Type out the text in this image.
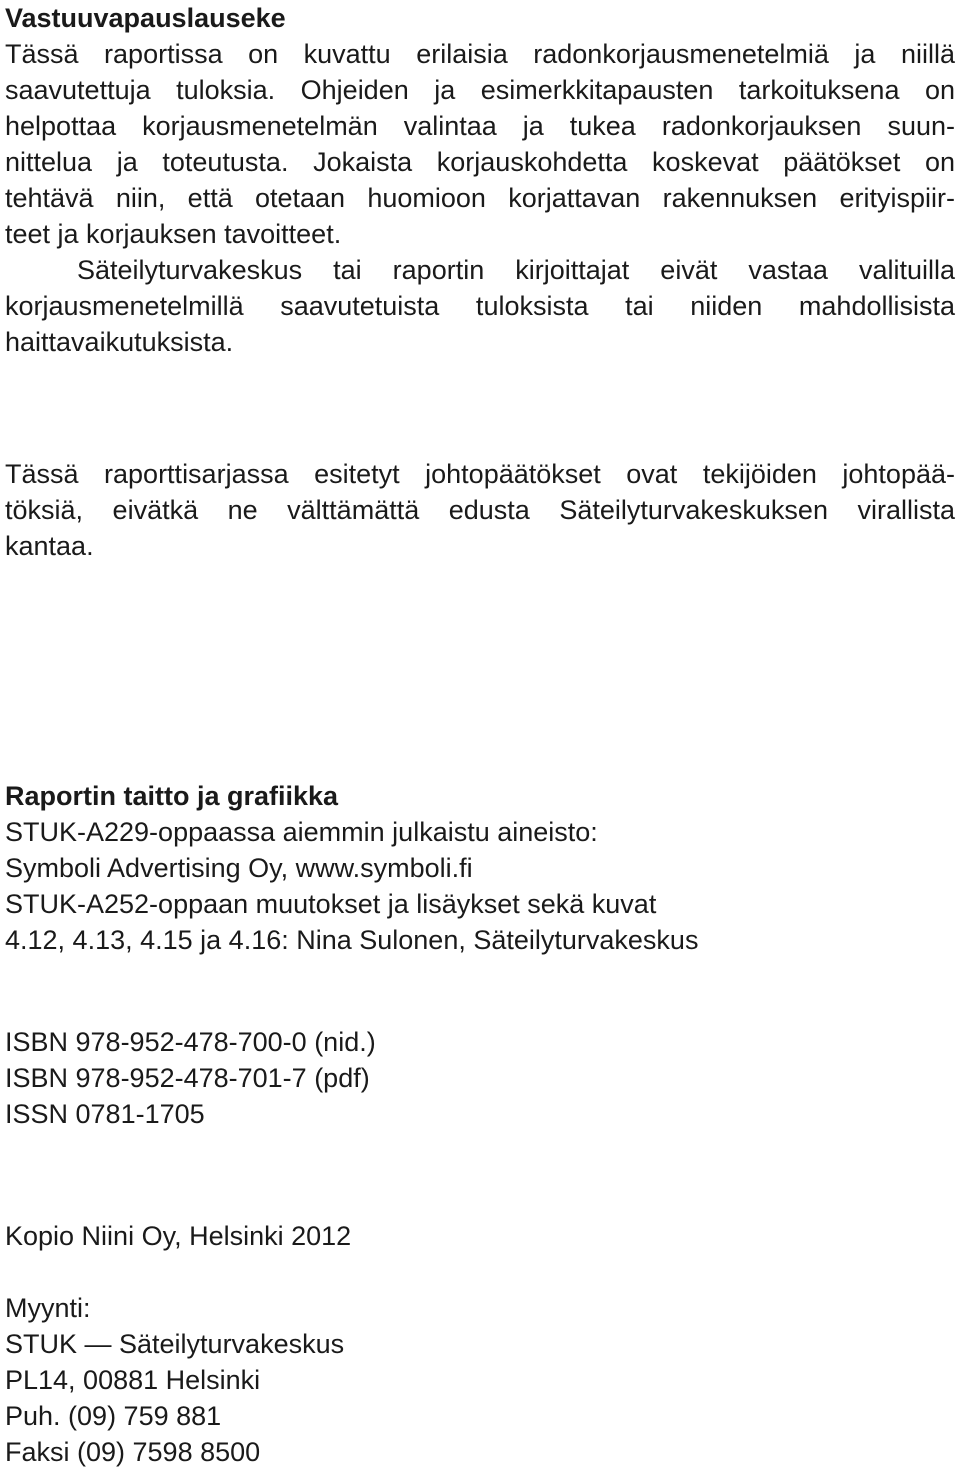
Vastuuvapauslauseke
Tässä raportissa on kuvattu erilaisia radonkorjausmenetelmiä ja niillä
saavutettuja tuloksia. Ohjeiden ja esimerkkitapausten tarkoituksena on
helpottaa korjausmenetelmän valintaa ja tukea radonkorjauksen suun-
nittelua ja toteutusta. Jokaista korjauskohdetta koskevat päätökset on
tehtävä niin, että otetaan huomioon korjattavan rakennuksen erityispiir-
teet ja korjauksen tavoitteet.
Säteilyturvakeskus tai raportin kirjoittajat eivät vastaa valituilla
korjausmenetelmillä saavutetuista tuloksista tai niiden mahdollisista
haittavaikutuksista.
Tässä raporttisarjassa esitetyt johtopäätökset ovat tekijöiden johtopää-
töksiä, eivätkä ne välttämättä edusta Säteilyturvakeskuksen virallista
kantaa.
Raportin taitto ja grafiikka

STUK-A229-oppaassa aiemmin julkaistu aineisto:

Symboli Advertising Oy, www.symboli.fi

STUK-A252-oppaan muutokset ja lisäykset sekä kuvat

4.12, 4.13, 4.15 ja 4.16: Nina Sulonen, Säteilyturvakeskus

ISBN 978-952-478-700-0 (nid.)

ISBN 978-952-478-701-7 (pdf)

ISSN 0781-1705

Kopio Niini Oy, Helsinki 2012

Myynti:

STUK — Säteilyturvakeskus

PL14, 00881 Helsinki

Puh. (09) 759 881

Faksi (09) 7598 8500
